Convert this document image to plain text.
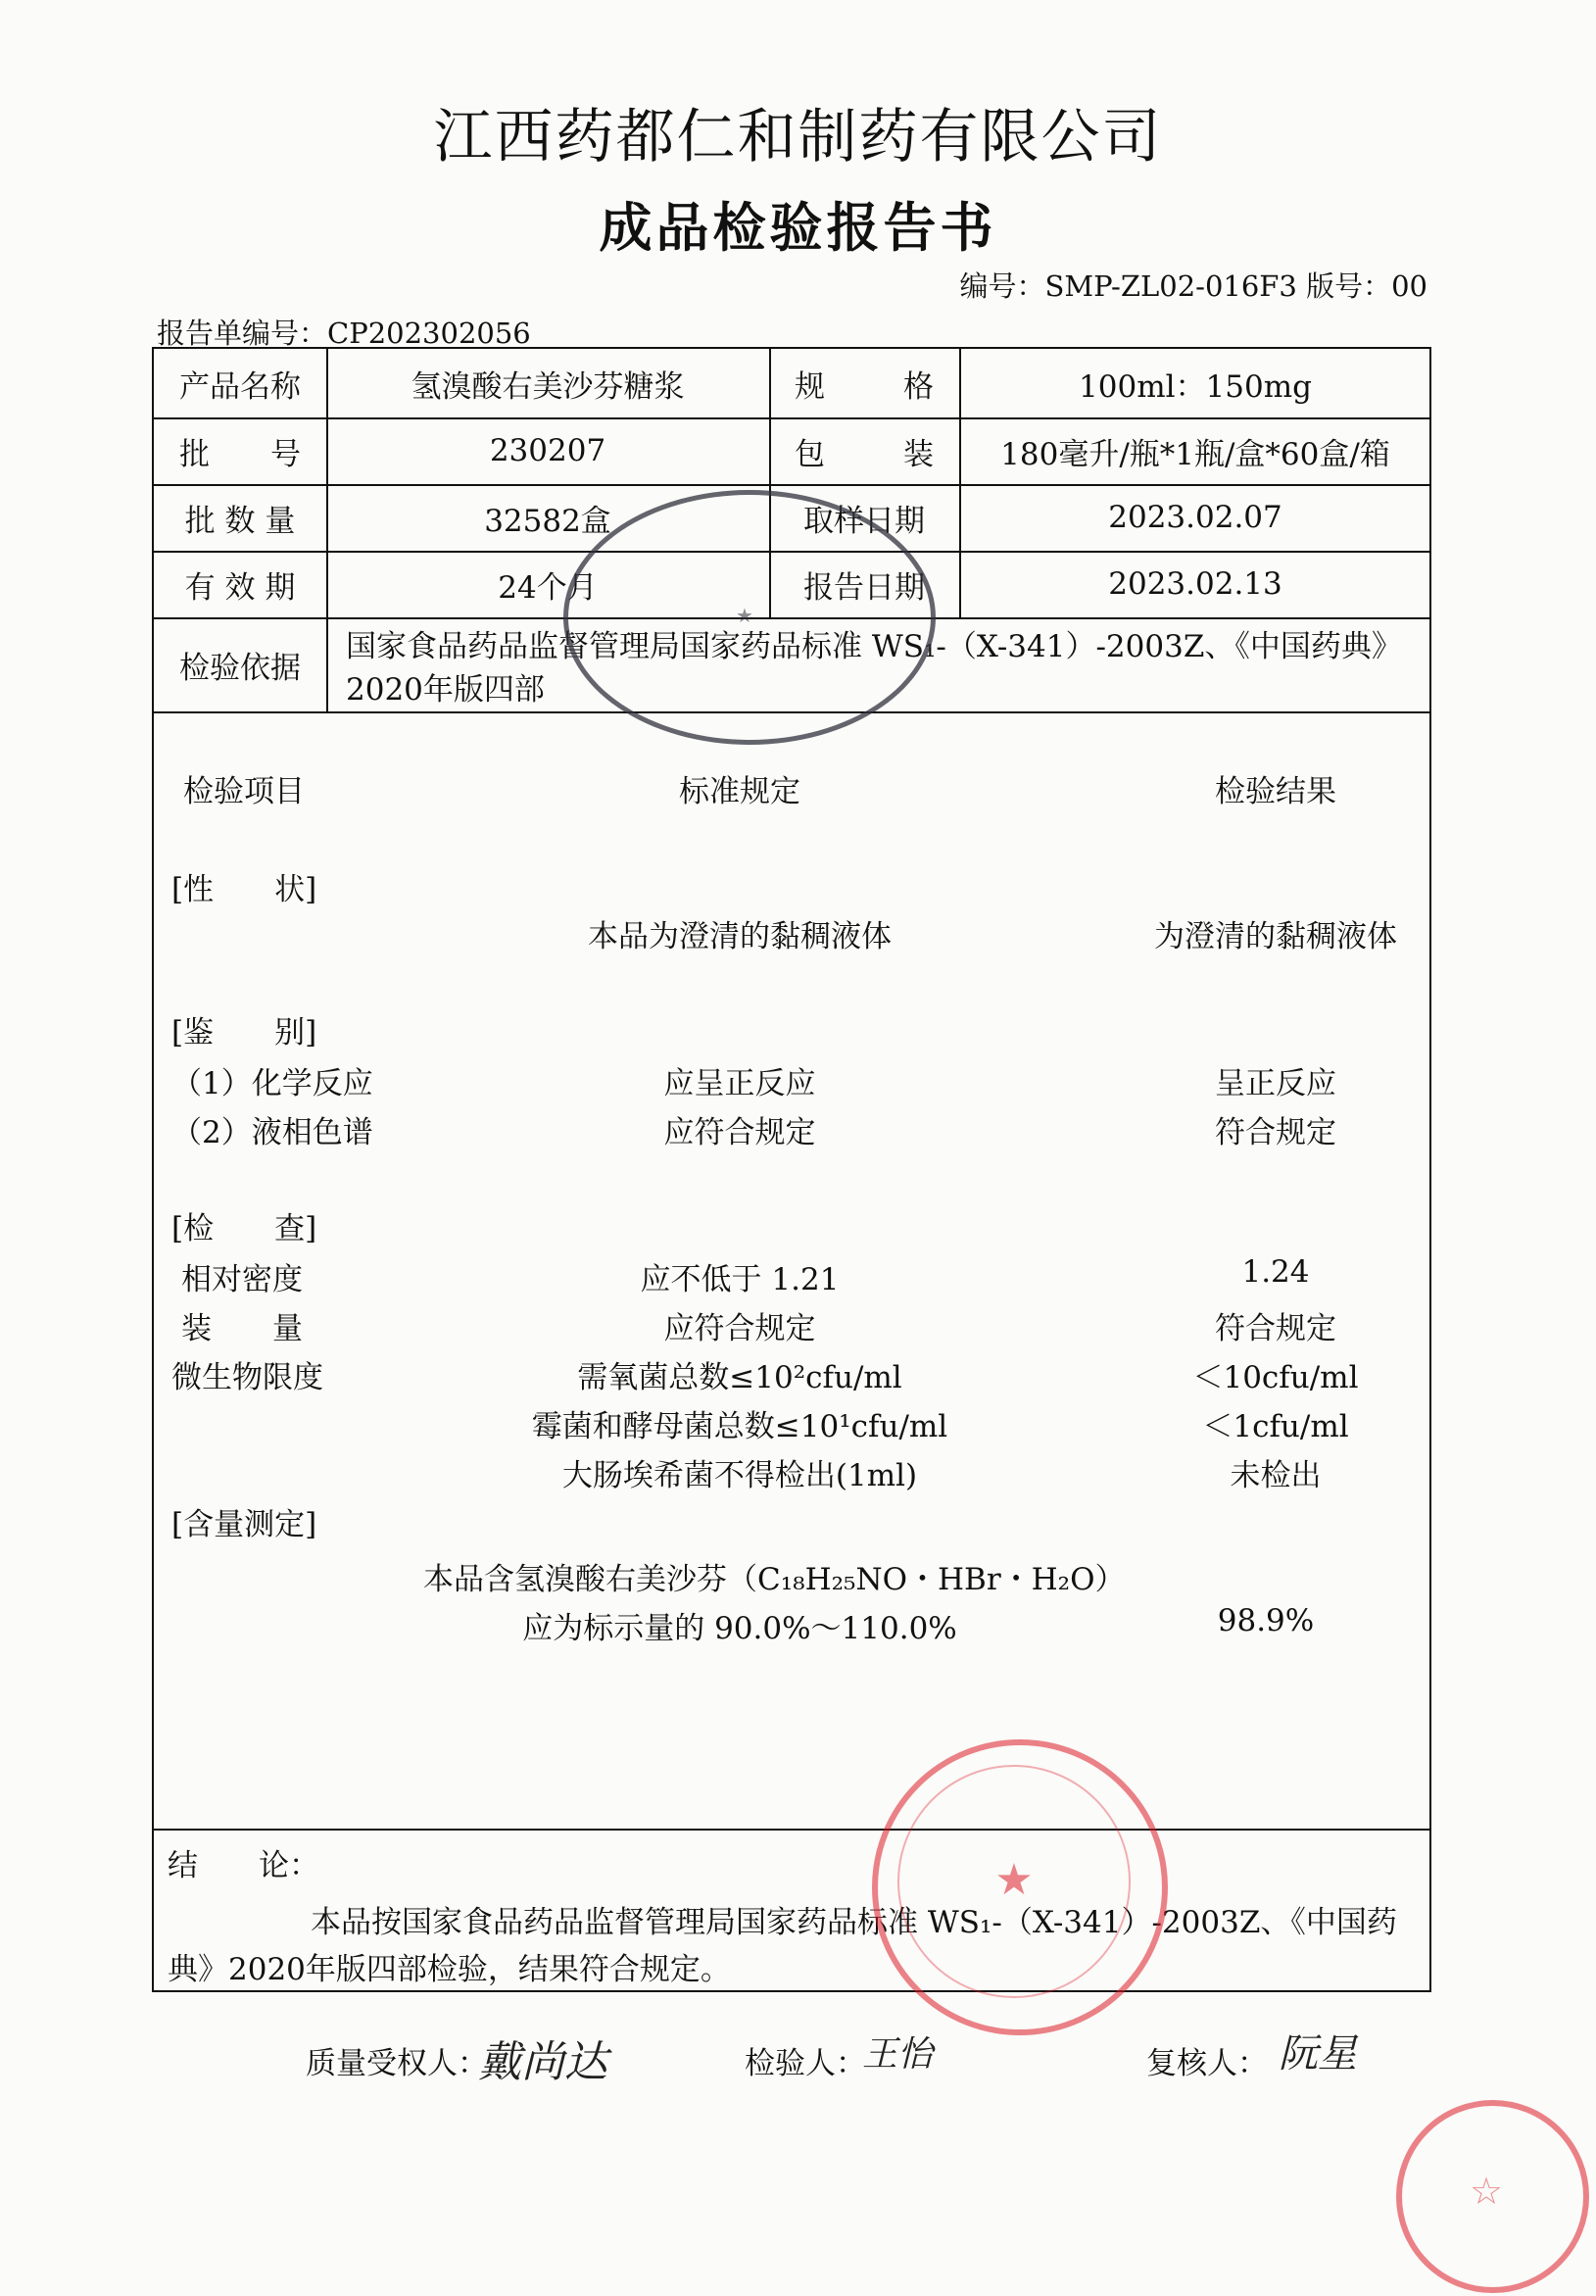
江西药都仁和制药有限公司
成品检验报告书
编号：SMP-ZL02-016F3 版号：00
报告单编号：CP202302056
产品名称	氢溴酸右美沙芬糖浆	规	格	100ml：150mg
批 号	230207	包	装	180毫升/瓶*1瓶/盒*60盒/箱
批 数 量	32582盒	取样日期	2023.02.07
有 效 期	24个月	报告日期	2023.02.13
检验依据
国家食品药品监督管理局国家药品标准 WS₁-（X-341）-2003Z、《中国药典》
2020年版四部
检验项目	标准规定	检验结果
[性　　状]
本品为澄清的黏稠液体	为澄清的黏稠液体
[鉴　　别]
（1）化学反应	应呈正反应	呈正反应
（2）液相色谱	应符合规定	符合规定
[检　　查]
相对密度	应不低于 1.21	1.24
装　　量	应符合规定	符合规定
微生物限度	需氧菌总数≤10²cfu/ml	＜10cfu/ml
霉菌和酵母菌总数≤10¹cfu/ml	＜1cfu/ml
大肠埃希菌不得检出(1ml)	未检出
[含量测定]
本品含氢溴酸右美沙芬（C₁₈H₂₅NO・HBr・H₂O）
应为标示量的 90.0%～110.0%	98.9%
结　　论：
本品按国家食品药品监督管理局国家药品标准 WS₁-（X-341）-2003Z、《中国药
典》2020年版四部检验，结果符合规定。
★
★
☆
质量受权人：
戴尚达	检验人：
王怡	复核人： 阮星
